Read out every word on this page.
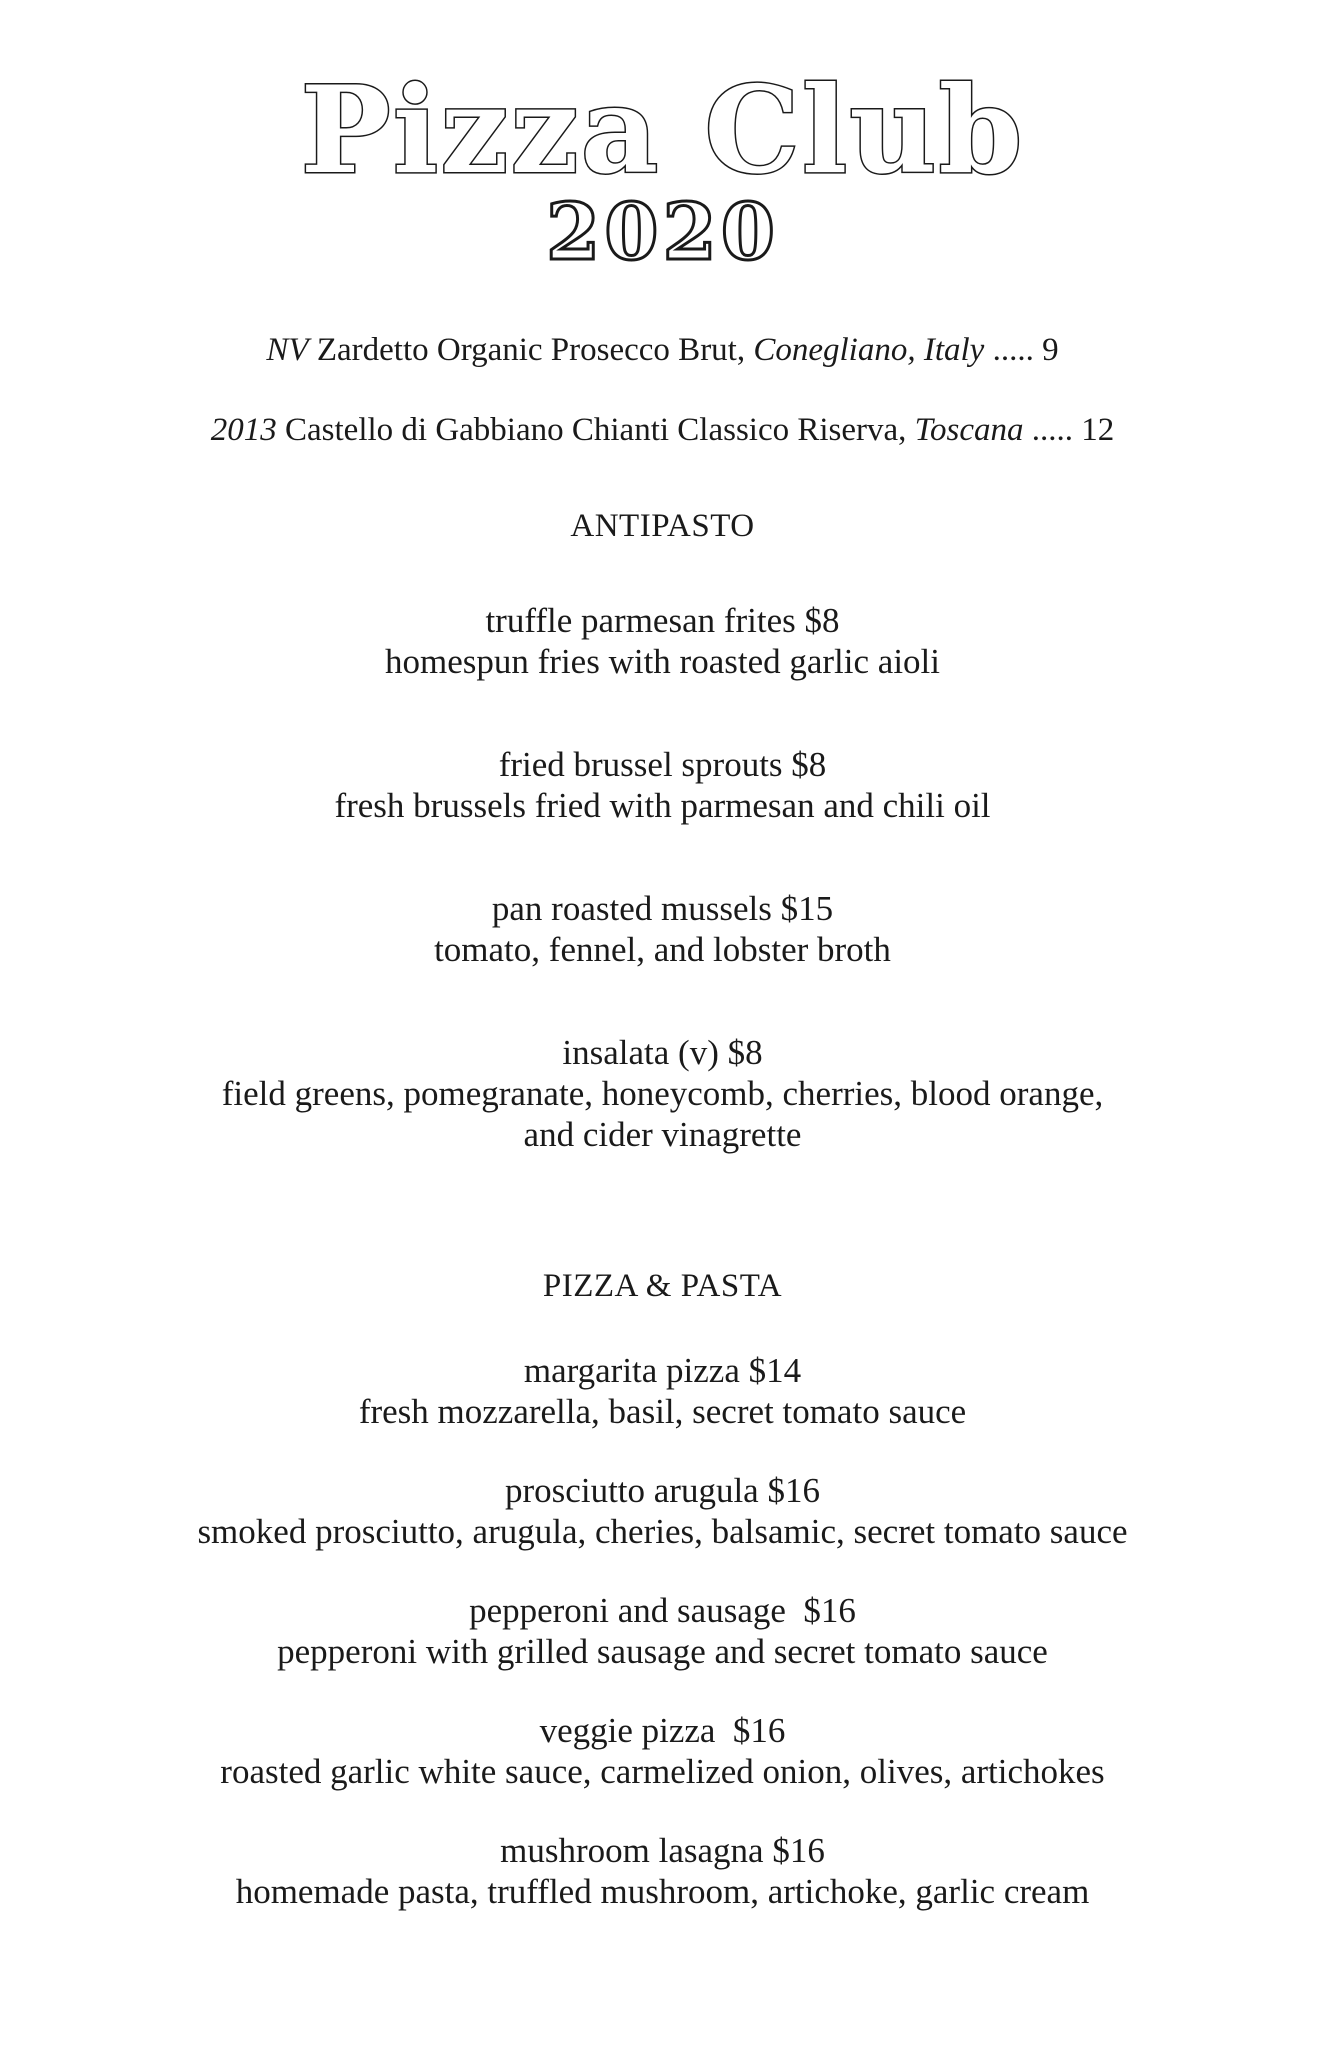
Pizza Club
2020
NV Zardetto Organic Prosecco Brut, Conegliano, Italy ..... 9
2013 Castello di Gabbiano Chianti Classico Riserva, Toscana ..... 12
ANTIPASTO
truffle parmesan frites $8
homespun fries with roasted garlic aioli
fried brussel sprouts $8
fresh brussels fried with parmesan and chili oil
pan roasted mussels $15
tomato, fennel, and lobster broth
insalata (v) $8
field greens, pomegranate, honeycomb, cherries, blood orange,
and cider vinagrette
PIZZA & PASTA
margarita pizza $14
fresh mozzarella, basil, secret tomato sauce
prosciutto arugula $16
smoked prosciutto, arugula, cheries, balsamic, secret tomato sauce
pepperoni and sausage  $16
pepperoni with grilled sausage and secret tomato sauce
veggie pizza  $16
roasted garlic white sauce, carmelized onion, olives, artichokes
mushroom lasagna $16
homemade pasta, truffled mushroom, artichoke, garlic cream
